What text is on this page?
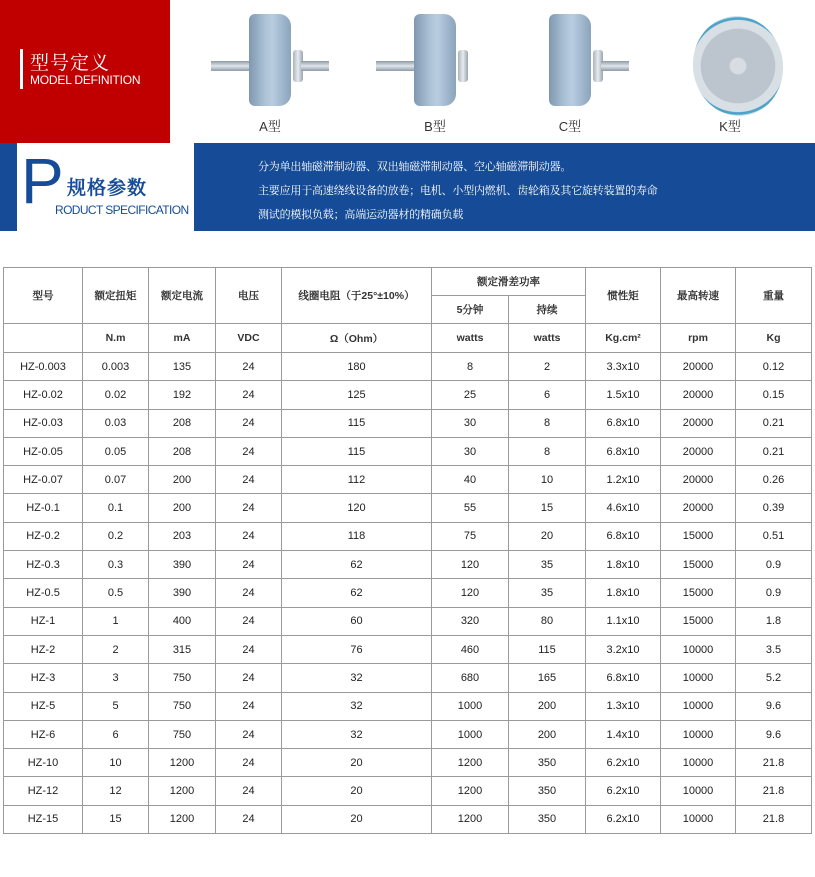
型号定义
MODEL DEFINITION
A型	B型	C型	K型
P 规格参数
RODUCT SPECIFICATION

分为单出轴磁滞制动器、双出轴磁滞制动器、空心轴磁滞制动器。

主要应用于高速绕线设备的放卷；电机、小型内燃机、齿轮箱及其它旋转装置的寿命

测试的模拟负载；高端运动器材的精确负载

型号	额定扭矩	额定电流	电压	线圈电阻（于25°±10%）	额定滑差功率		惯性矩	最高转速	重量
					5分钟	持续			
	N.m	mA	VDC	Ω（Ohm）	watts	watts	Kg.cm²	rpm	Kg
HZ-0.003	0.003	135	24	180	8	2	3.3x10	20000	0.12
HZ-0.02	0.02	192	24	125	25	6	1.5x10	20000	0.15
HZ-0.03	0.03	208	24	115	30	8	6.8x10	20000	0.21
HZ-0.05	0.05	208	24	115	30	8	6.8x10	20000	0.21
HZ-0.07	0.07	200	24	112	40	10	1.2x10	20000	0.26
HZ-0.1	0.1	200	24	120	55	15	4.6x10	20000	0.39
HZ-0.2	0.2	203	24	118	75	20	6.8x10	15000	0.51
HZ-0.3	0.3	390	24	62	120	35	1.8x10	15000	0.9
HZ-0.5	0.5	390	24	62	120	35	1.8x10	15000	0.9
HZ-1	1	400	24	60	320	80	1.1x10	15000	1.8
HZ-2	2	315	24	76	460	115	3.2x10	10000	3.5
HZ-3	3	750	24	32	680	165	6.8x10	10000	5.2
HZ-5	5	750	24	32	1000	200	1.3x10	10000	9.6
HZ-6	6	750	24	32	1000	200	1.4x10	10000	9.6
HZ-10	10	1200	24	20	1200	350	6.2x10	10000	21.8
HZ-12	12	1200	24	20	1200	350	6.2x10	10000	21.8
HZ-15	15	1200	24	20	1200	350	6.2x10	10000	21.8
